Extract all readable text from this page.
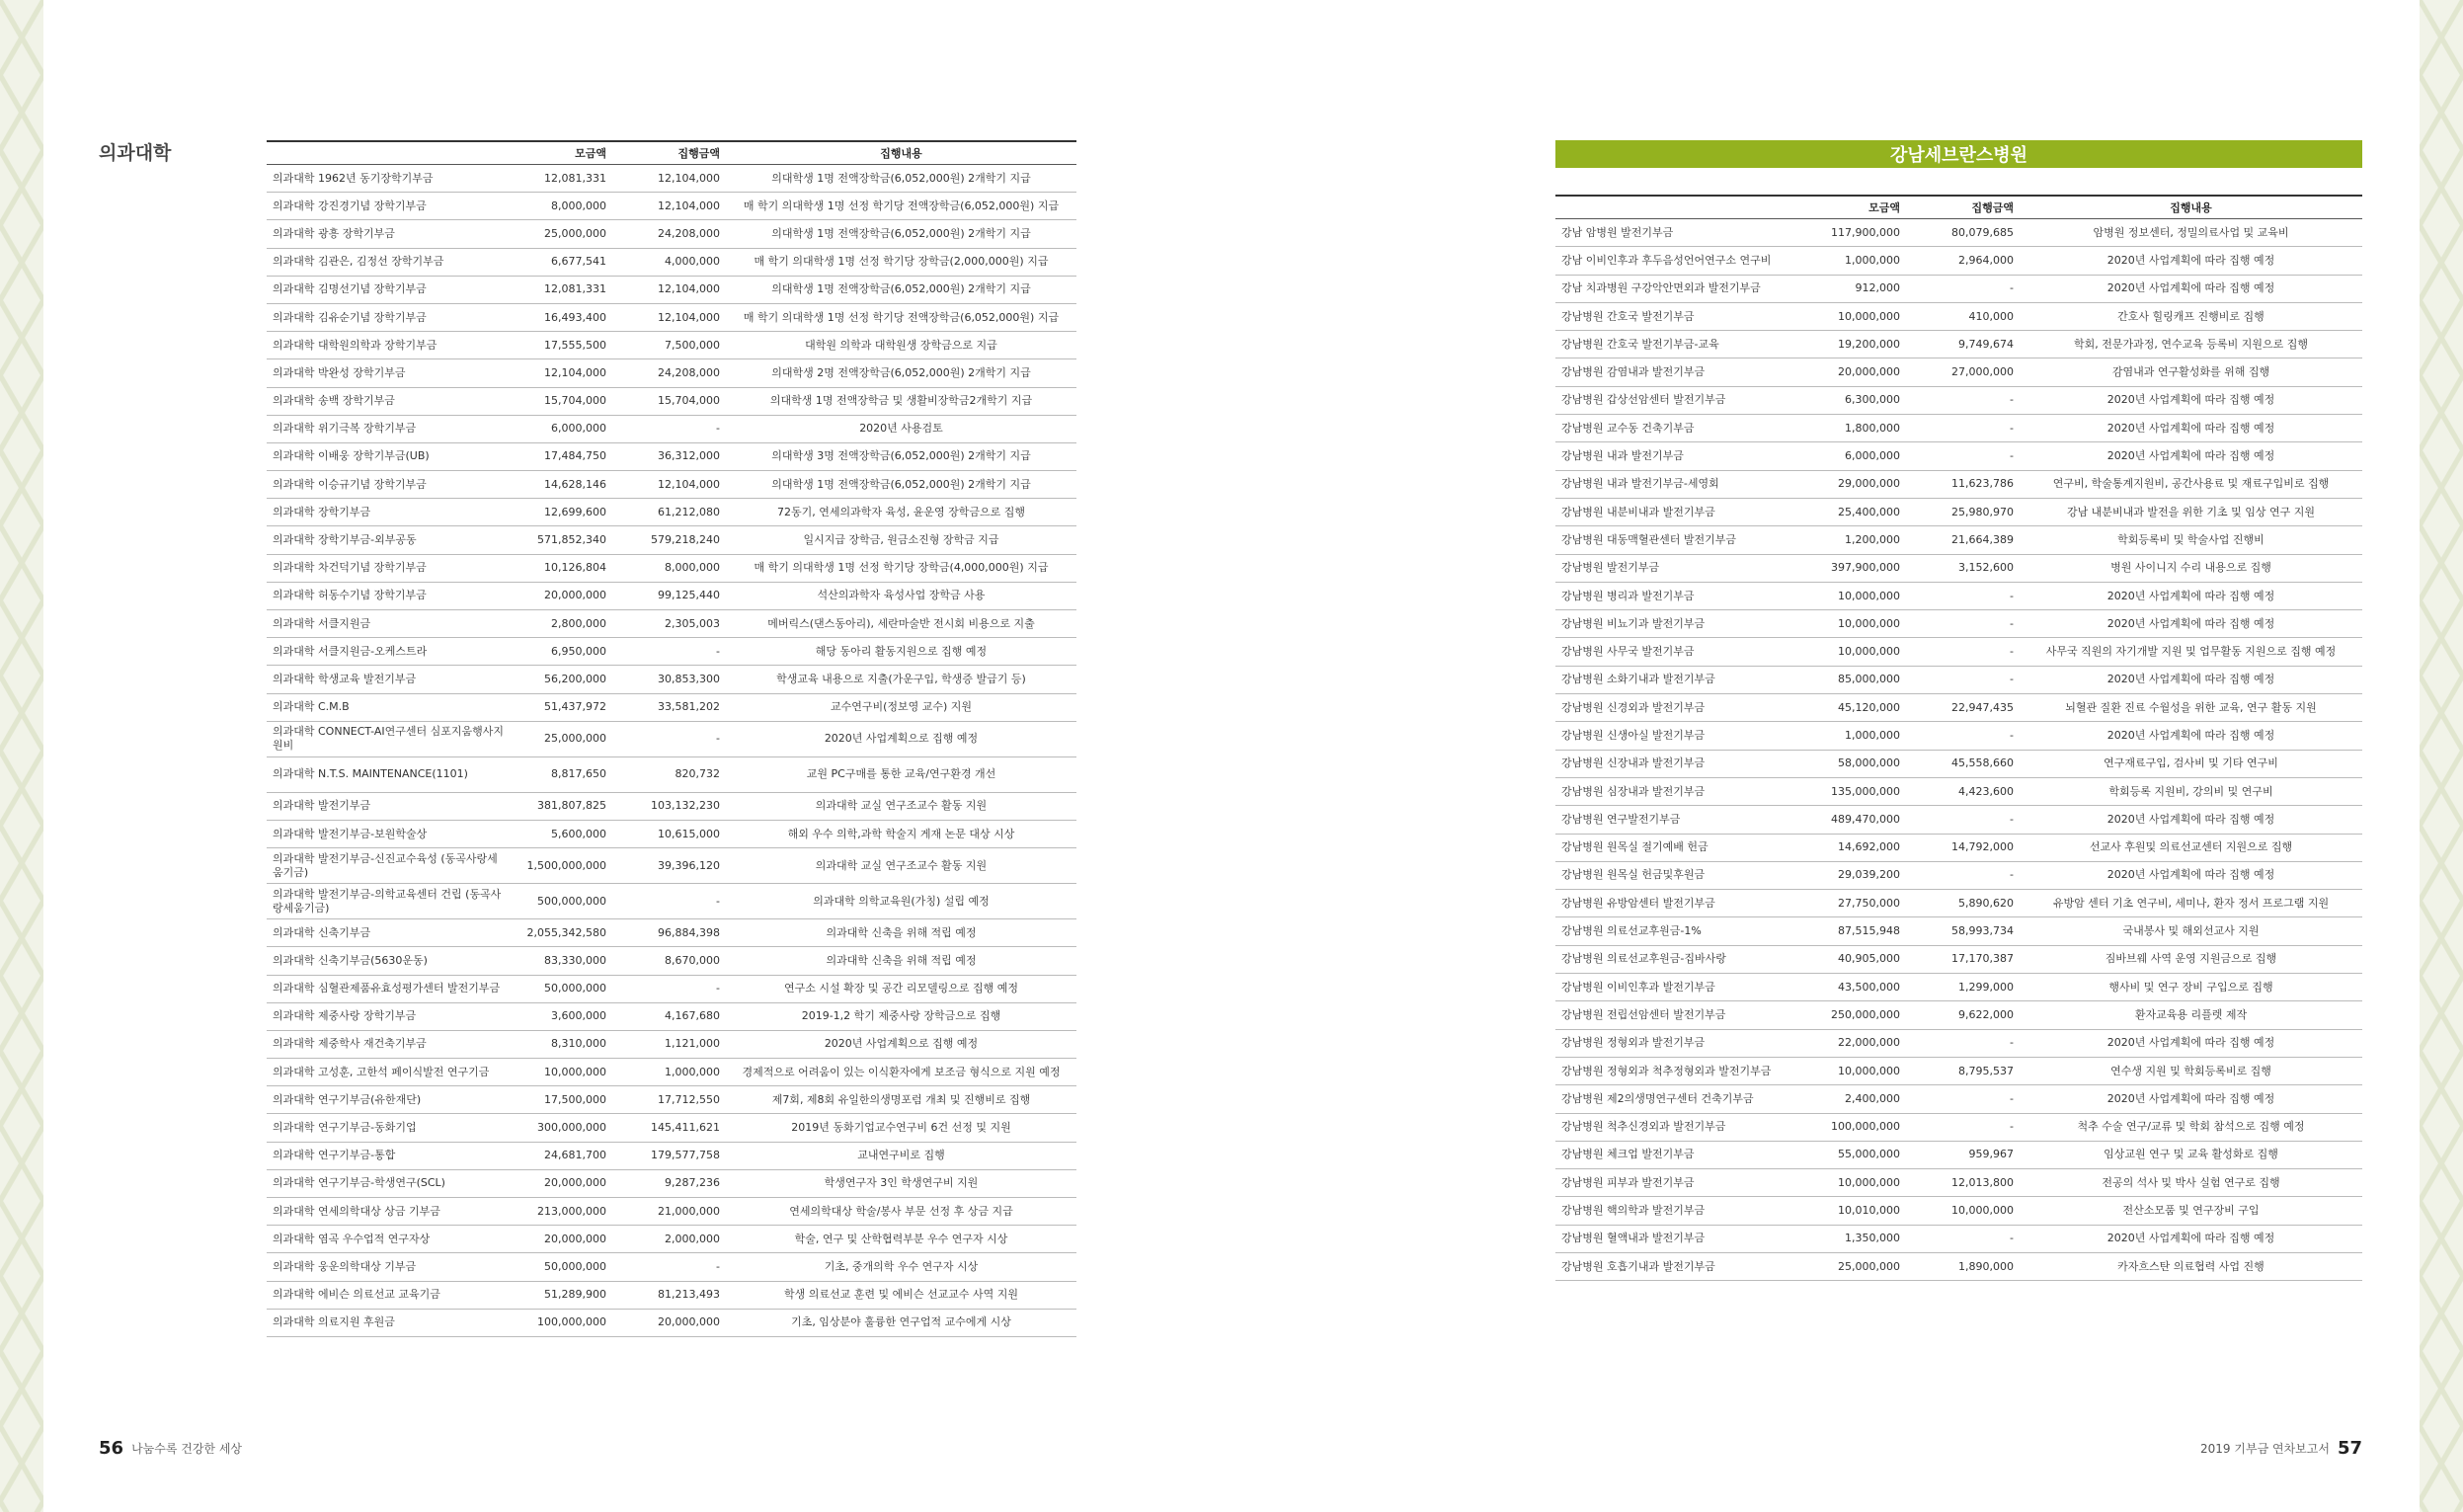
의과대학
		모금액	집행금액	집행내용
의과대학 1962년 동기장학기부금	12,081,331	12,104,000	의대학생 1명 전액장학금(6,052,000원) 2개학기 지급
의과대학 강진경기념 장학기부금	8,000,000	12,104,000	매 학기 의대학생 1명 선정 학기당 전액장학금(6,052,000원) 지급
의과대학 광흥 장학기부금	25,000,000	24,208,000	의대학생 1명 전액장학금(6,052,000원) 2개학기 지급
의과대학 김관은, 김정선 장학기부금	6,677,541	4,000,000	매 학기 의대학생 1명 선정 학기당 장학금(2,000,000원) 지급
의과대학 김명선기념 장학기부금	12,081,331	12,104,000	의대학생 1명 전액장학금(6,052,000원) 2개학기 지급
의과대학 김유순기념 장학기부금	16,493,400	12,104,000	매 학기 의대학생 1명 선정 학기당 전액장학금(6,052,000원) 지급
의과대학 대학원의학과 장학기부금	17,555,500	7,500,000	대학원 의학과 대학원생 장학금으로 지급
의과대학 박완성 장학기부금	12,104,000	24,208,000	의대학생 2명 전액장학금(6,052,000원) 2개학기 지급
의과대학 송백 장학기부금	15,704,000	15,704,000	의대학생 1명 전액장학금 및 생활비장학금2개학기 지급
의과대학 위기극복 장학기부금	6,000,000	-	2020년 사용검토
의과대학 이배웅 장학기부금(UB)	17,484,750	36,312,000	의대학생 3명 전액장학금(6,052,000원) 2개학기 지급
의과대학 이승규기념 장학기부금	14,628,146	12,104,000	의대학생 1명 전액장학금(6,052,000원) 2개학기 지급
의과대학 장학기부금	12,699,600	61,212,080	72동기, 연세의과학자 육성, 윤운영 장학금으로 집행
의과대학 장학기부금-외부공동	571,852,340	579,218,240	일시지급 장학금, 원금소진형 장학금 지급
의과대학 차건덕기념 장학기부금	10,126,804	8,000,000	매 학기 의대학생 1명 선정 학기당 장학금(4,000,000원) 지급
의과대학 허동수기념 장학기부금	20,000,000	99,125,440	석산의과학자 육성사업 장학금 사용
의과대학 서클지원금	2,800,000	2,305,003	메버릭스(댄스동아리), 세란마술반 전시회 비용으로 지출
의과대학 서클지원금-오케스트라	6,950,000	-	해당 동아리 활동지원으로 집행 예정
의과대학 학생교육 발전기부금	56,200,000	30,853,300	학생교육 내용으로 지출(가운구입, 학생증 발급기 등)
의과대학 C.M.B	51,437,972	33,581,202	교수연구비(정보영 교수) 지원
의과대학 CONNECT-AI연구센터 심포지움행사지원비	25,000,000	-	2020년 사업계획으로 집행 예정
의과대학 N.T.S. MAINTENANCE(1101)	8,817,650	820,732	교원 PC구매를 통한 교육/연구환경 개선
의과대학 발전기부금	381,807,825	103,132,230	의과대학 교실 연구조교수 활동 지원
의과대학 발전기부금-보원학술상	5,600,000	10,615,000	해외 우수 의학,과학 학술지 게재 논문 대상 시상
의과대학 발전기부금-신진교수육성 (동곡사랑세움기금)	1,500,000,000	39,396,120	의과대학 교실 연구조교수 활동 지원
의과대학 발전기부금-의학교육센터 건립 (동곡사랑세움기금)	500,000,000	-	의과대학 의학교육원(가칭) 설립 예정
의과대학 신축기부금	2,055,342,580	96,884,398	의과대학 신축을 위해 적립 예정
의과대학 신축기부금(5630운동)	83,330,000	8,670,000	의과대학 신축을 위해 적립 예정
의과대학 심혈관제품유효성평가센터 발전기부금	50,000,000	-	연구소 시설 확장 및 공간 리모델링으로 집행 예정
의과대학 제중사랑 장학기부금	3,600,000	4,167,680	2019-1,2 학기 제중사랑 장학금으로 집행
의과대학 제중학사 재건축기부금	8,310,000	1,121,000	2020년 사업계획으로 집행 예정
의과대학 고성훈, 고한석 페이식발전 연구기금	10,000,000	1,000,000	경제적으로 어려움이 있는 이식환자에게 보조금 형식으로 지원 예정
의과대학 연구기부금(유한재단)	17,500,000	17,712,550	제7회, 제8회 유일한의생명포럼 개최 및 진행비로 집행
의과대학 연구기부금-동화기업	300,000,000	145,411,621	2019년 동화기업교수연구비 6건 선정 및 지원
의과대학 연구기부금-통합	24,681,700	179,577,758	교내연구비로 집행
의과대학 연구기부금-학생연구(SCL)	20,000,000	9,287,236	학생연구자 3인 학생연구비 지원
의과대학 연세의학대상 상금 기부금	213,000,000	21,000,000	연세의학대상 학술/봉사 부문 선정 후 상금 지급
의과대학 염곡 우수업적 연구자상	20,000,000	2,000,000	학술, 연구 및 산학협력부분 우수 연구자 시상
의과대학 웅운의학대상 기부금	50,000,000	-	기초, 중개의학 우수 연구자 시상
의과대학 에비슨 의료선교 교육기금	51,289,900	81,213,493	학생 의료선교 훈련 및 에비슨 선교교수 사역 지원
의과대학 의료지원 후원금	100,000,000	20,000,000	기초, 임상분야 훌륭한 연구업적 교수에게 시상
강남세브란스병원
	모금액	집행금액	집행내용
강남 암병원 발전기부금	117,900,000	80,079,685	암병원 정보센터, 정밀의료사업 및 교육비
강남 이비인후과 후두음성언어연구소 연구비	1,000,000	2,964,000	2020년 사업계획에 따라 집행 예정
강남 치과병원 구강악안면외과 발전기부금	912,000	-	2020년 사업계획에 따라 집행 예정
강남병원 간호국 발전기부금	10,000,000	410,000	간호사 힐링캐프 진행비로 집행
강남병원 간호국 발전기부금-교육	19,200,000	9,749,674	학회, 전문가과정, 연수교육 등록비 지원으로 집행
강남병원 감염내과 발전기부금	20,000,000	27,000,000	감염내과 연구활성화를 위해 집행
강남병원 갑상선암센터 발전기부금	6,300,000	-	2020년 사업계획에 따라 집행 예정
강남병원 교수동 건축기부금	1,800,000	-	2020년 사업계획에 따라 집행 예정
강남병원 내과 발전기부금	6,000,000	-	2020년 사업계획에 따라 집행 예정
강남병원 내과 발전기부금-세영회	29,000,000	11,623,786	연구비, 학술통계지원비, 공간사용료 및 재료구입비로 집행
강남병원 내분비내과 발전기부금	25,400,000	25,980,970	강남 내분비내과 발전을 위한 기초 및 임상 연구 지원
강남병원 대동맥혈관센터 발전기부금	1,200,000	21,664,389	학회등록비 및 학술사업 진행비
강남병원 발전기부금	397,900,000	3,152,600	병원 사이니지 수리 내용으로 집행
강남병원 병리과 발전기부금	10,000,000	-	2020년 사업계획에 따라 집행 예정
강남병원 비뇨기과 발전기부금	10,000,000	-	2020년 사업계획에 따라 집행 예정
강남병원 사무국 발전기부금	10,000,000	-	사무국 직원의 자기개발 지원 및 업무활동 지원으로 집행 예정
강남병원 소화기내과 발전기부금	85,000,000	-	2020년 사업계획에 따라 집행 예정
강남병원 신경외과 발전기부금	45,120,000	22,947,435	뇌혈관 질환 진료 수월성을 위한 교육, 연구 활동 지원
강남병원 신생아실 발전기부금	1,000,000	-	2020년 사업계획에 따라 집행 예정
강남병원 신장내과 발전기부금	58,000,000	45,558,660	연구재료구입, 검사비 및 기타 연구비
강남병원 심장내과 발전기부금	135,000,000	4,423,600	학회등록 지원비, 강의비 및 연구비
강남병원 연구발전기부금	489,470,000	-	2020년 사업계획에 따라 집행 예정
강남병원 원목실 절기예배 헌금	14,692,000	14,792,000	선교사 후원및 의료선교센터 지원으로 집행
강남병원 원목실 헌금및후원금	29,039,200	-	2020년 사업계획에 따라 집행 예정
강남병원 유방암센터 발전기부금	27,750,000	5,890,620	유방암 센터 기초 연구비, 세미나, 환자 정서 프로그램 지원
강남병원 의료선교후원금-1%	87,515,948	58,993,734	국내봉사 및 해외선교사 지원
강남병원 의료선교후원금-집바사랑	40,905,000	17,170,387	짐바브웨 사역 운영 지원금으로 집행
강남병원 이비인후과 발전기부금	43,500,000	1,299,000	행사비 및 연구 장비 구입으로 집행
강남병원 전립선암센터 발전기부금	250,000,000	9,622,000	환자교육용 리플렛 제작
강남병원 정형외과 발전기부금	22,000,000	-	2020년 사업계획에 따라 집행 예정
강남병원 정형외과 척추정형외과 발전기부금	10,000,000	8,795,537	연수생 지원 및 학회등록비로 집행
강남병원 제2의생명연구센터 건축기부금	2,400,000	-	2020년 사업계획에 따라 집행 예정
강남병원 척추신경외과 발전기부금	100,000,000	-	척추 수술 연구/교류 및 학회 참석으로 집행 예정
강남병원 체크업 발전기부금	55,000,000	959,967	임상교원 연구 및 교육 활성화로 집행
강남병원 피부과 발전기부금	10,000,000	12,013,800	전공의 석사 및 박사 실험 연구로 집행
강남병원 핵의학과 발전기부금	10,010,000	10,000,000	전산소모품 및 연구장비 구입
강남병원 혈액내과 발전기부금	1,350,000	-	2020년 사업계획에 따라 집행 예정
강남병원 호흡기내과 발전기부금	25,000,000	1,890,000	카자흐스탄 의료협력 사업 진행
56 나눔수록 건강한 세상	2019 기부금 연차보고서 57
